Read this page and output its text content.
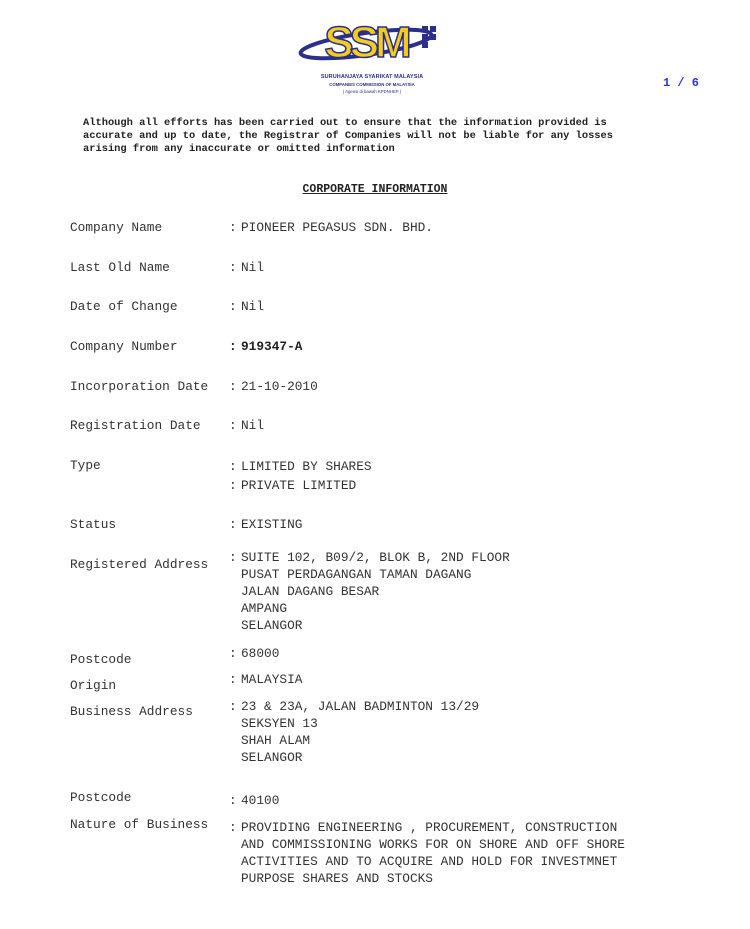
SSM
SURUHANJAYA SYARIKAT MALAYSIA
COMPANIES COMMISSION OF MALAYSIA
( Agensi di bawah KPDNHEP )
1 / 6
Although all efforts has been carried out to ensure that the information provided is
accurate and up to date, the Registrar of Companies will not be liable for any losses
arising from any inaccurate or omitted information
CORPORATE INFORMATION
Company Name	: PIONEER PEGASUS SDN. BHD.
Last Old Name	: Nil
Date of Change	: Nil
Company Number	: 919347-A
Incorporation Date : 21-10-2010
Registration Date : Nil
Type	: LIMITED BY SHARES
: PRIVATE LIMITED
Status	: EXISTING
Registered Address : SUITE 102, B09/2, BLOK B, 2ND FLOOR
PUSAT PERDAGANGAN TAMAN DAGANG
JALAN DAGANG BESAR
AMPANG
SELANGOR
Postcode	: 68000
Origin	: MALAYSIA
Business Address	: 23 & 23A, JALAN BADMINTON 13/29
SEKSYEN 13
SHAH ALAM
SELANGOR
Postcode	: 40100
Nature of Business : PROVIDING ENGINEERING , PROCUREMENT, CONSTRUCTION
AND COMMISSIONING WORKS FOR ON SHORE AND OFF SHORE
ACTIVITIES AND TO ACQUIRE AND HOLD FOR INVESTMNET
PURPOSE SHARES AND STOCKS
